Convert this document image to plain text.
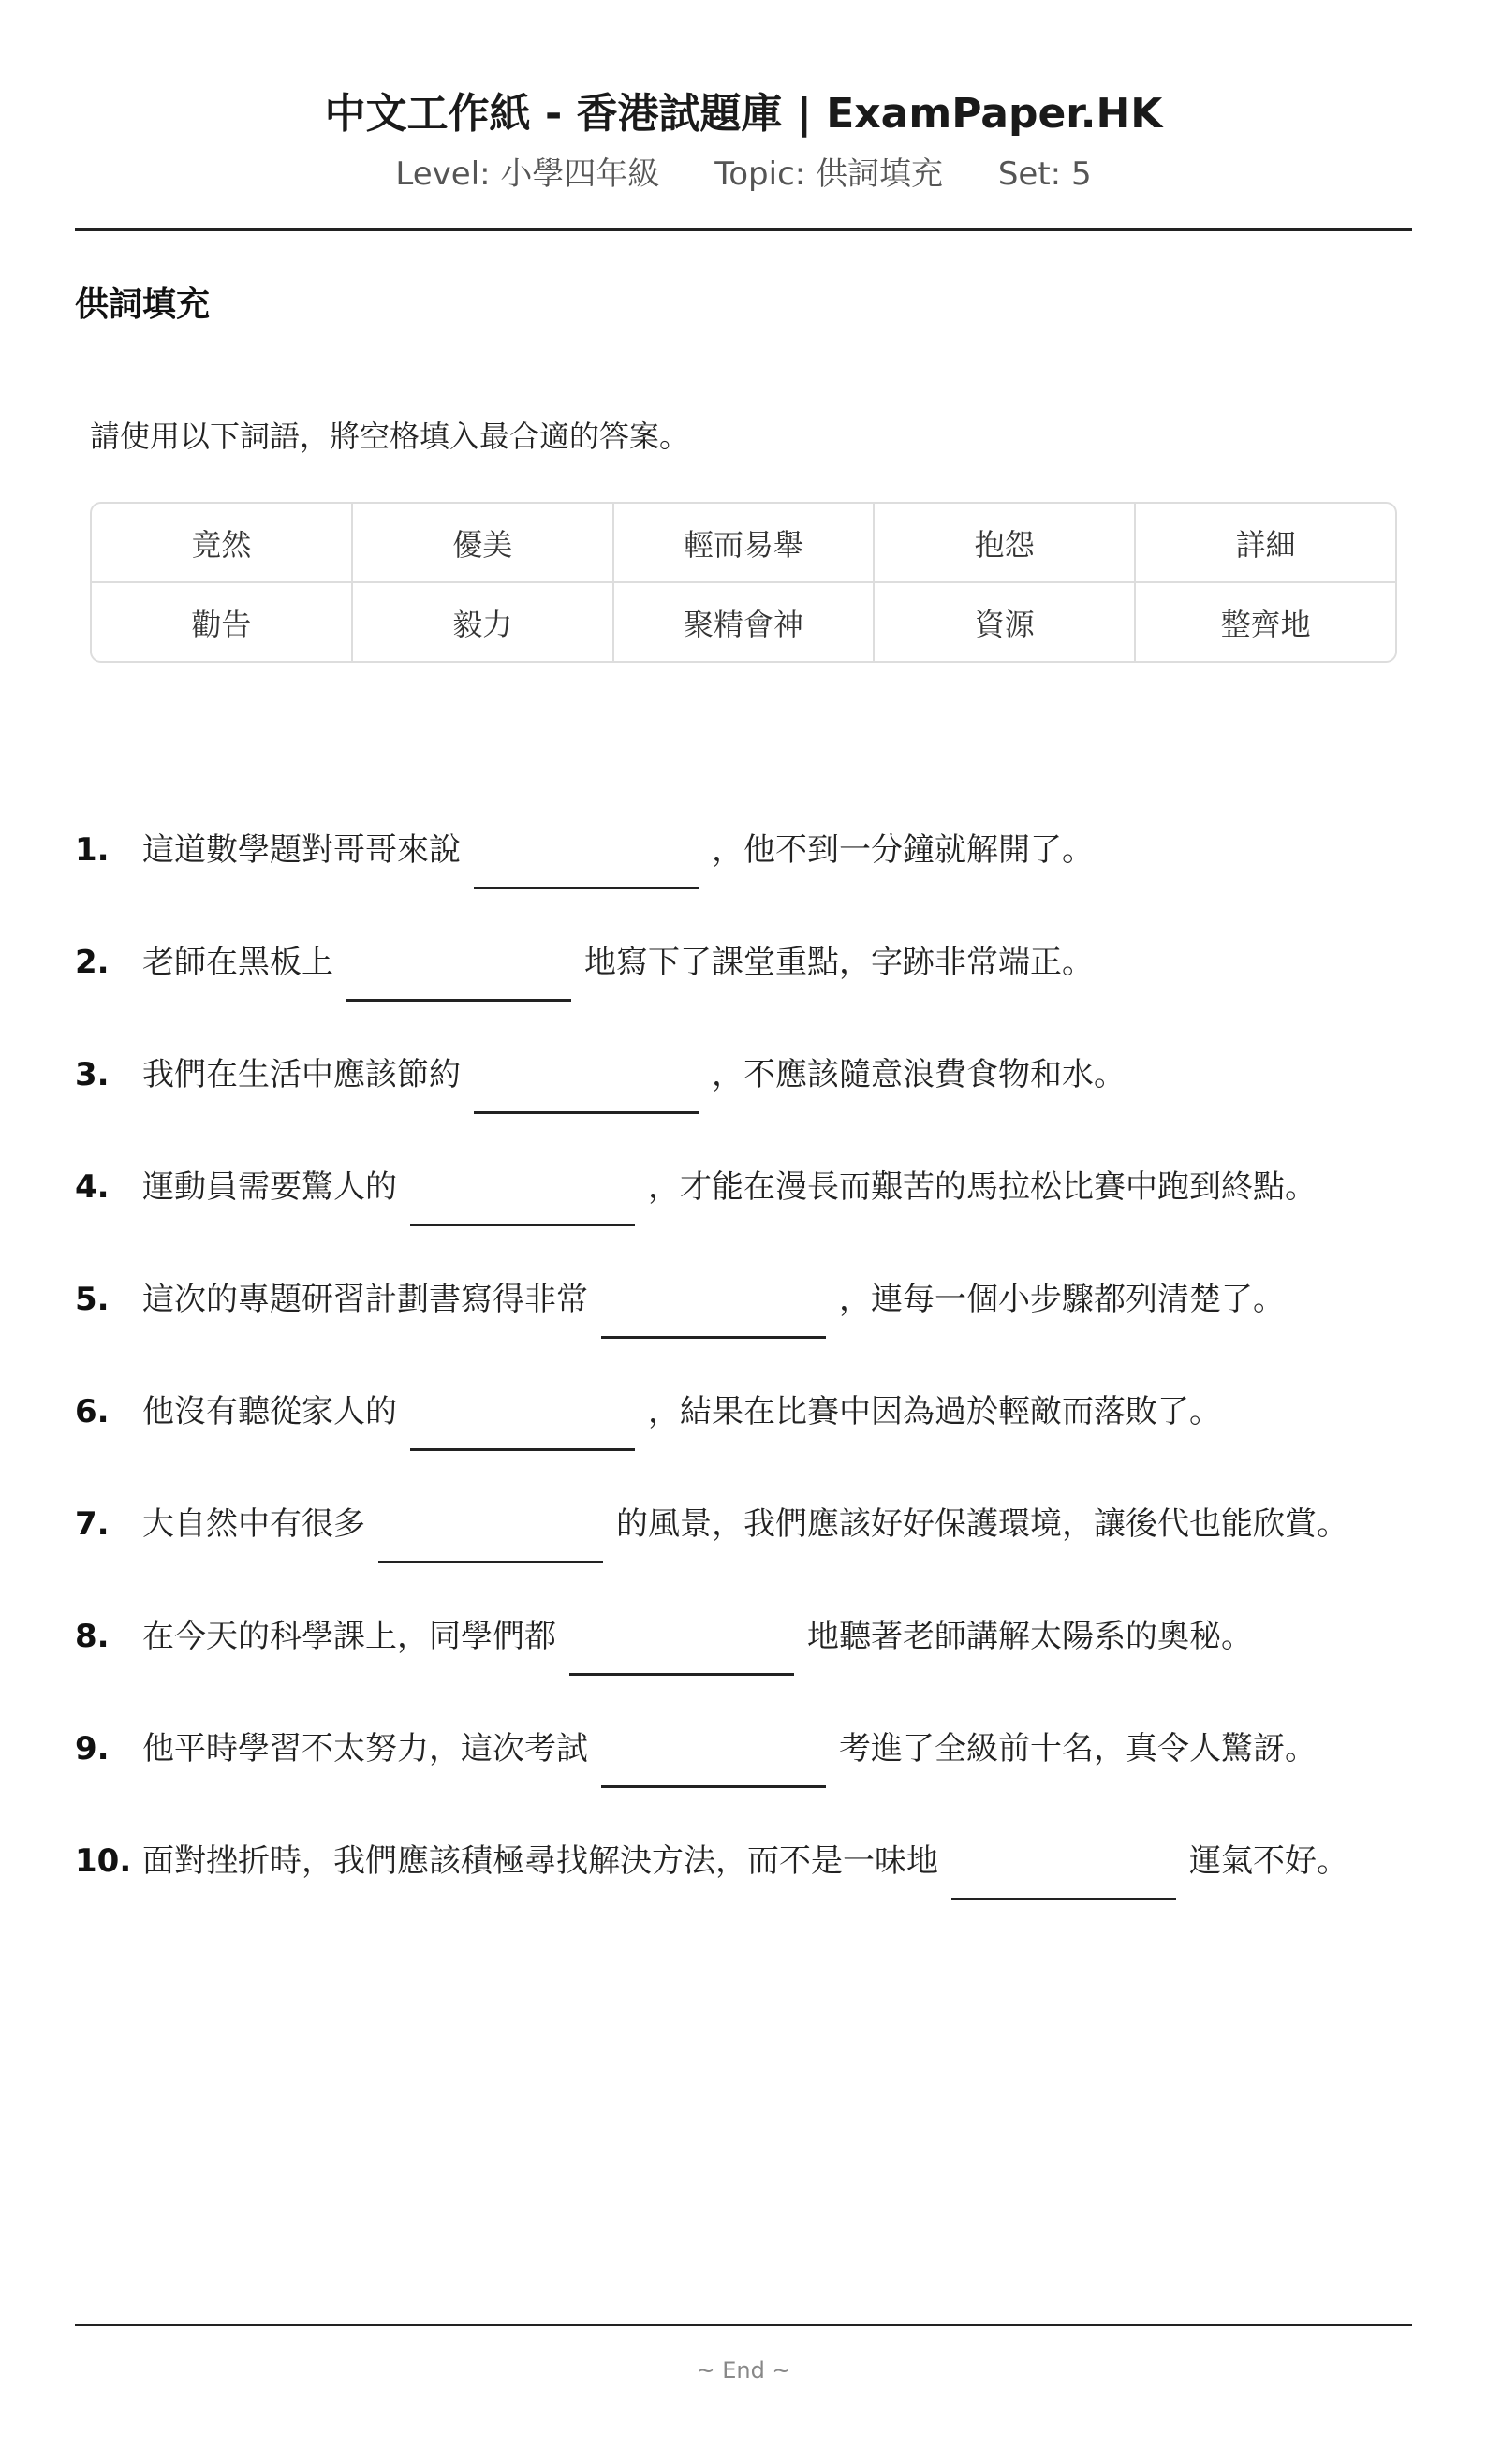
中文工作紙 - 香港試題庫 | ExamPaper.HK
Level: 小學四年級 Topic: 供詞填充 Set: 5
供詞填充
請使用以下詞語，將空格填入最合適的答案。
竟然	優美	輕而易舉	抱怨	詳細
勸告	毅力	聚精會神	資源	整齊地
1.	這道數學題對哥哥來說	，他不到一分鐘就解開了。
2.	老師在黑板上	地寫下了課堂重點，字跡非常端正。
3.	我們在生活中應該節約	，不應該隨意浪費食物和水。
4.	運動員需要驚人的	，才能在漫長而艱苦的馬拉松比賽中跑到終點。
5.	這次的專題研習計劃書寫得非常	，連每一個小步驟都列清楚了。
6.	他沒有聽從家人的	，結果在比賽中因為過於輕敵而落敗了。
7.	大自然中有很多	的風景，我們應該好好保護環境，讓後代也能欣賞。
8.	在今天的科學課上，同學們都	地聽著老師講解太陽系的奧秘。
9.	他平時學習不太努力，這次考試	考進了全級前十名，真令人驚訝。
10. 面對挫折時，我們應該積極尋找解決方法，而不是一味地	運氣不好。
~ End ~
